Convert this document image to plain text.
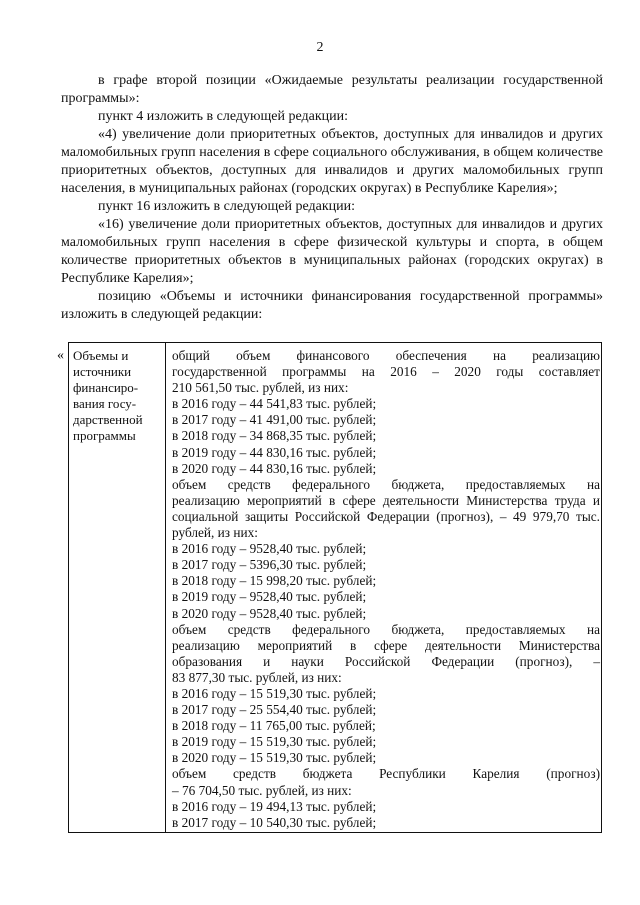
2

в графе второй позиции «Ожидаемые результаты реализации государственной программы»:

пункт 4 изложить в следующей редакции:

«4) увеличение доли приоритетных объектов, доступных для инвалидов и других маломобильных групп населения в сфере социального обслуживания, в общем количестве приоритетных объектов, доступных для инвалидов и других маломобильных групп населения, в муниципальных районах (городских округах) в Республике Карелия»;

пункт 16 изложить в следующей редакции:

«16) увеличение доли приоритетных объектов, доступных для инвалидов и других маломобильных групп населения в сфере физической культуры и спорта, в общем количестве приоритетных объектов в муниципальных районах (городских округах) в Республике Карелия»;

позицию «Объемы и источники финансирования государственной программы» изложить в следующей редакции:

« Объемы и
источники
финансиро-
вания госу-
дарственной
программы
общий объем финансового обеспечения на реализацию
государственной программы на 2016 – 2020 годы составляет
210 561,50 тыс. рублей, из них:
в 2016 году – 44 541,83 тыс. рублей;
в 2017 году – 41 491,00 тыс. рублей;
в 2018 году – 34 868,35 тыс. рублей;
в 2019 году – 44 830,16 тыс. рублей;
в 2020 году – 44 830,16 тыс. рублей;
объем средств федерального бюджета, предоставляемых на
реализацию мероприятий в сфере деятельности Министерства труда и
социальной защиты Российской Федерации (прогноз), – 49 979,70 тыс.
рублей, из них:
в 2016 году – 9528,40 тыс. рублей;
в 2017 году – 5396,30 тыс. рублей;
в 2018 году – 15 998,20 тыс. рублей;
в 2019 году – 9528,40 тыс. рублей;
в 2020 году – 9528,40 тыс. рублей;
объем средств федерального бюджета, предоставляемых на
реализацию мероприятий в сфере деятельности Министерства
образования и науки Российской Федерации (прогноз), –
83 877,30 тыс. рублей, из них:
в 2016 году – 15 519,30 тыс. рублей;
в 2017 году – 25 554,40 тыс. рублей;
в 2018 году – 11 765,00 тыс. рублей;
в 2019 году – 15 519,30 тыс. рублей;
в 2020 году – 15 519,30 тыс. рублей;
объем средств бюджета Республики Карелия (прогноз)
– 76 704,50 тыс. рублей, из них:
в 2016 году – 19 494,13 тыс. рублей;
в 2017 году – 10 540,30 тыс. рублей;
